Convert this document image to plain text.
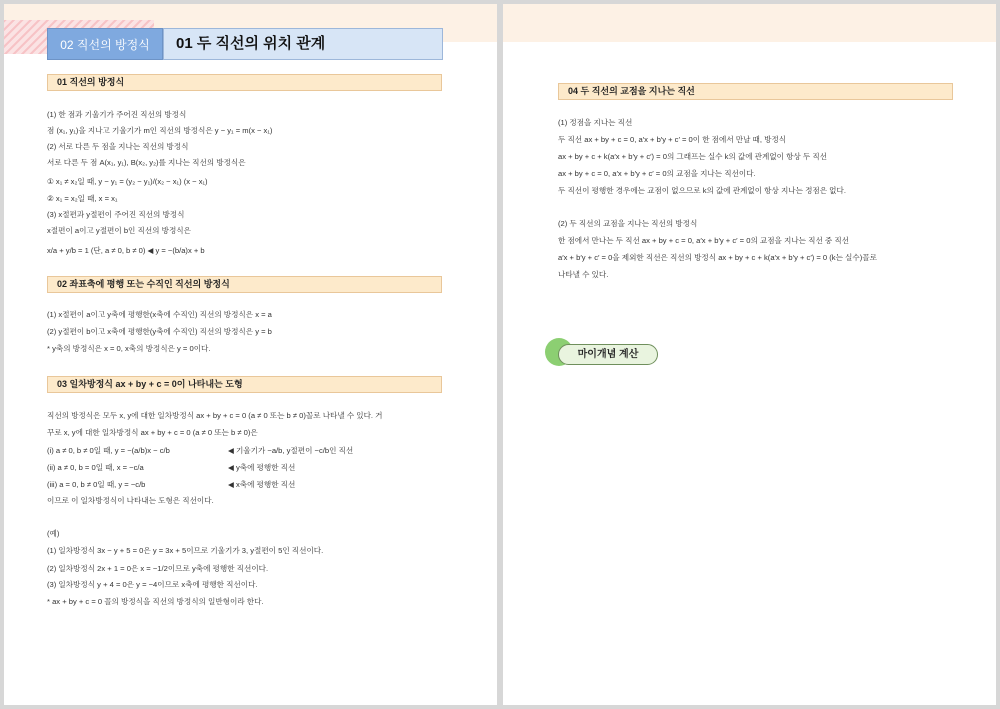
02 직선의 방정식	01 두 직선의 위치 관계
01 직선의 방정식
(1) 한 점과 기울기가 주어진 직선의 방정식
점 (x₁, y₁)을 지나고 기울기가 m인 직선의 방정식은 y − y₁ = m(x − x₁)
(2) 서로 다른 두 점을 지나는 직선의 방정식
서로 다른 두 점 A(x₁, y₁), B(x₂, y₂)를 지나는 직선의 방정식은
① x₁ ≠ x₂일 때, y − y₁ = (y₂ − y₁)/(x₂ − x₁) (x − x₁)
② x₁ = x₂일 때, x = x₁
(3) x절편과 y절편이 주어진 직선의 방정식
x절편이 a이고 y절편이 b인 직선의 방정식은
x/a + y/b = 1 (단, a ≠ 0, b ≠ 0) ◀ y = −(b/a)x + b
02 좌표축에 평행 또는 수직인 직선의 방정식
(1) x절편이 a이고 y축에 평행한(x축에 수직인) 직선의 방정식은 x = a
(2) y절편이 b이고 x축에 평행한(y축에 수직인) 직선의 방정식은 y = b
* y축의 방정식은 x = 0, x축의 방정식은 y = 0이다.
03 일차방정식 ax + by + c = 0이 나타내는 도형
직선의 방정식은 모두 x, y에 대한 일차방정식 ax + by + c = 0 (a ≠ 0 또는 b ≠ 0)꼴로 나타낼 수 있다. 거
꾸로 x, y에 대한 일차방정식 ax + by + c = 0 (a ≠ 0 또는 b ≠ 0)은
(i) a ≠ 0, b ≠ 0일 때, y = −(a/b)x − c/b	◀ 기울기가 −a/b, y절편이 −c/b인 직선
(ii) a ≠ 0, b = 0일 때, x = −c/a	◀ y축에 평행한 직선
(iii) a = 0, b ≠ 0일 때, y = −c/b	◀ x축에 평행한 직선
이므로 이 일차방정식이 나타내는 도형은 직선이다.
(예)
(1) 일차방정식 3x − y + 5 = 0은 y = 3x + 5이므로 기울기가 3, y절편이 5인 직선이다.
(2) 일차방정식 2x + 1 = 0은 x = −1/2이므로 y축에 평행한 직선이다.
(3) 일차방정식 y + 4 = 0은 y = −4이므로 x축에 평행한 직선이다.
* ax + by + c = 0 꼴의 방정식을 직선의 방정식의 일반형이라 한다.
04 두 직선의 교점을 지나는 직선
(1) 정점을 지나는 직선
두 직선 ax + by + c = 0, a′x + b′y + c′ = 0이 한 점에서 만날 때, 방정식
ax + by + c + k(a′x + b′y + c′) = 0의 그래프는 실수 k의 값에 관계없이 항상 두 직선
ax + by + c = 0, a′x + b′y + c′ = 0의 교점을 지나는 직선이다.
두 직선이 평행한 경우에는 교점이 없으므로 k의 값에 관계없이 항상 지나는 정점은 없다.
(2) 두 직선의 교점을 지나는 직선의 방정식
한 점에서 만나는 두 직선 ax + by + c = 0, a′x + b′y + c′ = 0의 교점을 지나는 직선 중 직선
a′x + b′y + c′ = 0을 제외한 직선은 직선의 방정식 ax + by + c + k(a′x + b′y + c′) = 0 (k는 실수)꼴로
나타낼 수 있다.
마이개념 계산
